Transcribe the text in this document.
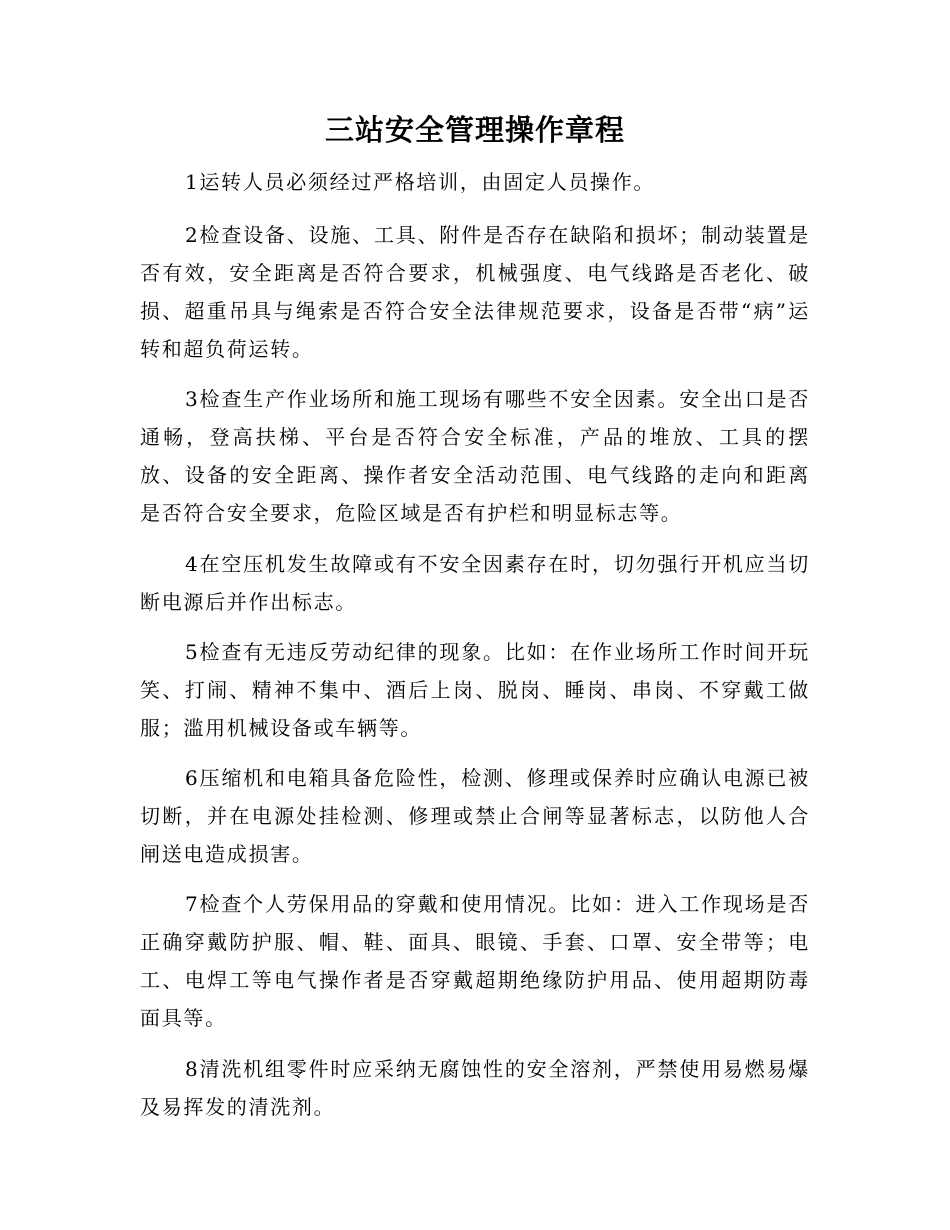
三站安全管理操作章程

1运转人员必须经过严格培训，由固定人员操作。

2检查设备、设施、工具、附件是否存在缺陷和损坏；制动装置是否有效，安全距离是否符合要求，机械强度、电气线路是否老化、破损、超重吊具与绳索是否符合安全法律规范要求，设备是否带“病”运转和超负荷运转。

3检查生产作业场所和施工现场有哪些不安全因素。安全出口是否通畅，登高扶梯、平台是否符合安全标准，产品的堆放、工具的摆放、设备的安全距离、操作者安全活动范围、电气线路的走向和距离是否符合安全要求，危险区域是否有护栏和明显标志等。

4在空压机发生故障或有不安全因素存在时，切勿强行开机应当切断电源后并作出标志。

5检查有无违反劳动纪律的现象。比如：在作业场所工作时间开玩笑、打闹、精神不集中、酒后上岗、脱岗、睡岗、串岗、不穿戴工做服；滥用机械设备或车辆等。

6压缩机和电箱具备危险性，检测、修理或保养时应确认电源已被切断，并在电源处挂检测、修理或禁止合闸等显著标志，以防他人合闸送电造成损害。

7检查个人劳保用品的穿戴和使用情况。比如：进入工作现场是否正确穿戴防护服、帽、鞋、面具、眼镜、手套、口罩、安全带等；电工、电焊工等电气操作者是否穿戴超期绝缘防护用品、使用超期防毒面具等。

8清洗机组零件时应采纳无腐蚀性的安全溶剂，严禁使用易燃易爆及易挥发的清洗剂。
